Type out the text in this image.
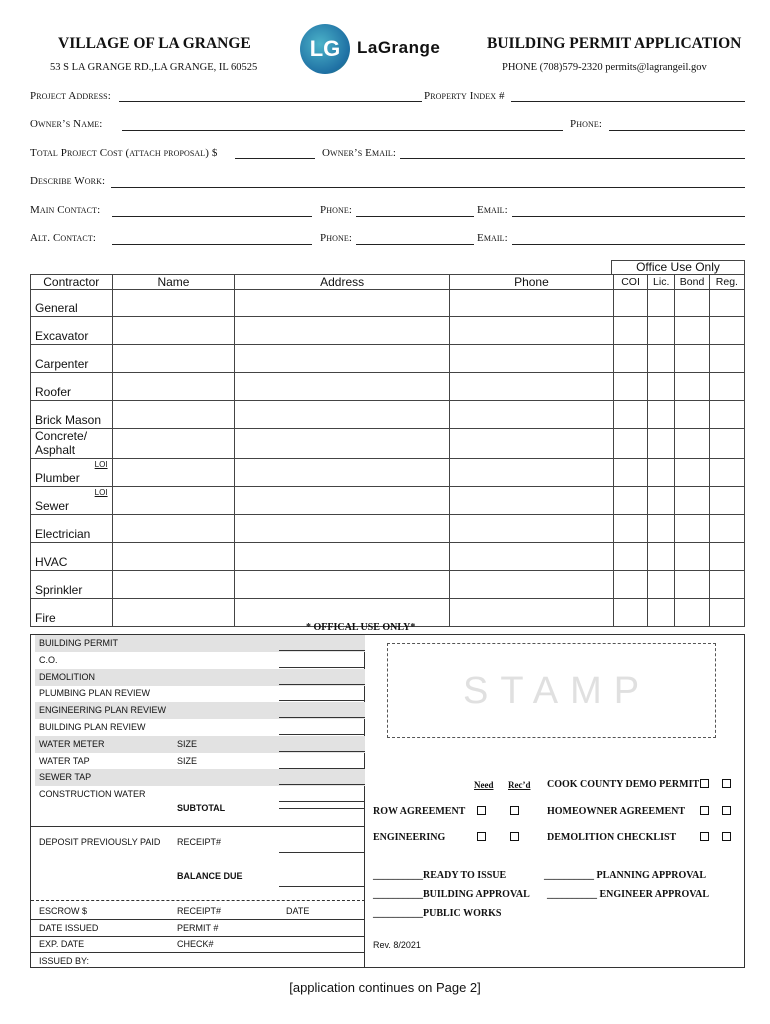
VILLAGE OF LA GRANGE
53 S LA GRANGE RD.,LA GRANGE, IL 60525
LG LaGrange	BUILDING PERMIT APPLICATION
PHONE (708)579-2320 permits@lagrangeil.gov
Project Address:	Property Index #
Owner’s Name:	Phone:
Total Project Cost (attach proposal) $	Owner’s Email:
Describe Work:
Main Contact:	Phone:	Email:
Alt. Contact:	Phone:	Email:
Office Use Only
Contractor	Name	Address	Phone	COI	Lic.	Bond	Reg.
General							
Excavator							
Carpenter							
Roofer							
Brick Mason							
Concrete/ Asphalt							
Plumber
LOI							

Sewer
LOI							

Electrician							
HVAC							
Sprinkler							
Fire							
* OFFICAL USE ONLY*
BUILDING PERMIT
C.O.
DEMOLITION
PLUMBING PLAN REVIEW
ENGINEERING PLAN REVIEW
BUILDING PLAN REVIEW
WATER METER	SIZE
WATER TAP	SIZE
SEWER TAP
CONSTRUCTION WATER
SUBTOTAL
DEPOSIT PREVIOUSLY PAID RECEIPT#
BALANCE DUE
ESCROW $	RECEIPT#	DATE
DATE ISSUED	PERMIT #
EXP. DATE	CHECK#
ISSUED BY:
STAMP
Need Rec’d COOK COUNTY DEMO PERMIT
ROW AGREEMENT	HOMEOWNER AGREEMENT
ENGINEERING	DEMOLITION CHECKLIST
__________READY TO ISSUE	__________ PLANNING APPROVAL
__________BUILDING APPROVAL __________ ENGINEER APPROVAL
__________PUBLIC WORKS
Rev. 8/2021
[application continues on Page 2]
